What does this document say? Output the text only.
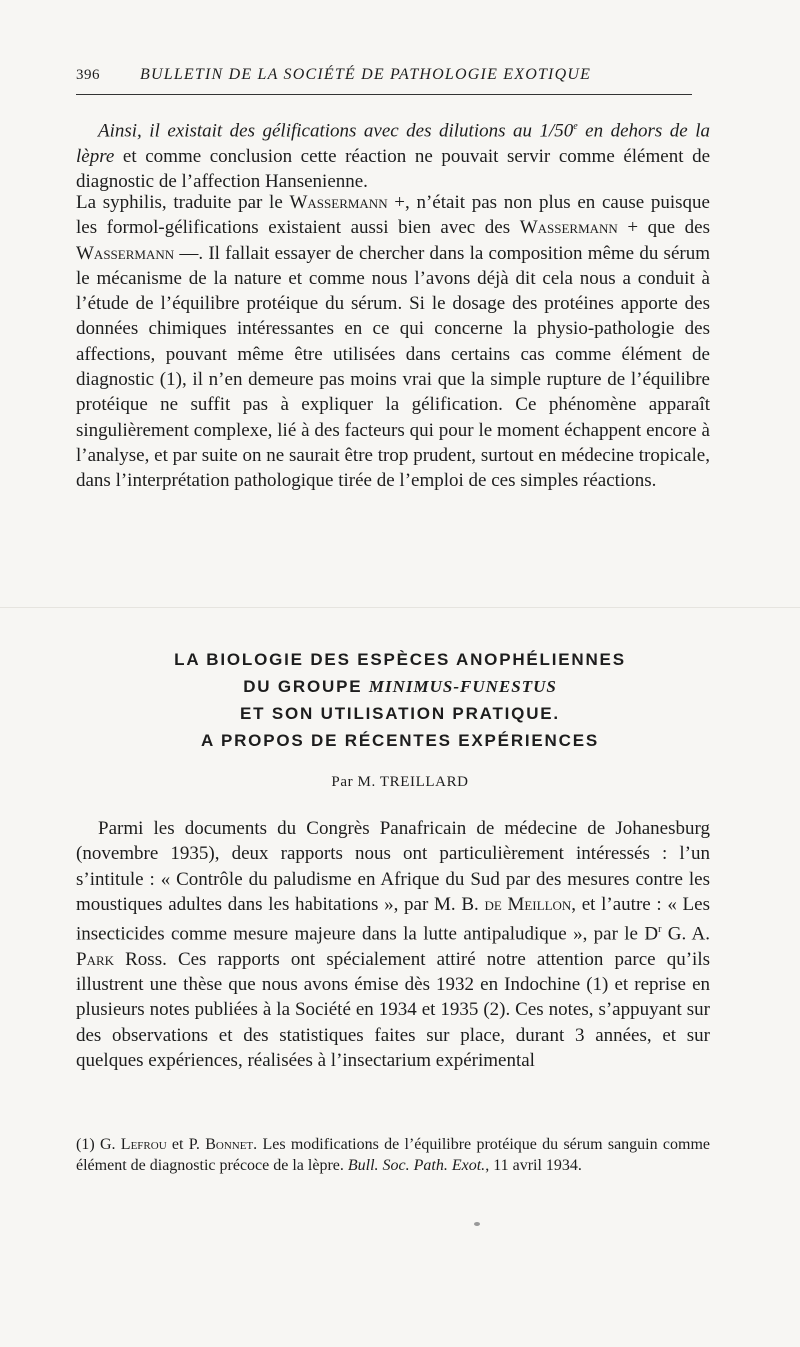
396	BULLETIN DE LA SOCIÉTÉ DE PATHOLOGIE EXOTIQUE

Ainsi, il existait des gélifications avec des dilutions au 1/50e en dehors de la lèpre et comme conclusion cette réaction ne pouvait servir comme élément de diagnostic de l’affection Hansenienne.

La syphilis, traduite par le Wassermann +, n’était pas non plus en cause puisque les formol-gélifications existaient aussi bien avec des Wassermann + que des Wassermann —. Il fallait essayer de chercher dans la composition même du sérum le mécanisme de la nature et comme nous l’avons déjà dit cela nous a conduit à l’étude de l’équilibre protéique du sérum. Si le dosage des protéines apporte des données chimiques intéressantes en ce qui concerne la physio-pathologie des affections, pouvant même être utilisées dans certains cas comme élément de diagnostic (1), il n’en demeure pas moins vrai que la simple rupture de l’équilibre protéique ne suffit pas à expliquer la gélification. Ce phénomène apparaît singulièrement complexe, lié à des facteurs qui pour le moment échappent encore à l’analyse, et par suite on ne saurait être trop prudent, surtout en médecine tropicale, dans l’interprétation pathologique tirée de l’emploi de ces simples réactions.

LA BIOLOGIE DES ESPÈCES ANOPHÉLIENNES
DU GROUPE MINIMUS-FUNESTUS
ET SON UTILISATION PRATIQUE.
A PROPOS DE RÉCENTES EXPÉRIENCES
Par M. TREILLARD

Parmi les documents du Congrès Panafricain de médecine de Johanesburg (novembre 1935), deux rapports nous ont particulièrement intéressés : l’un s’intitule : « Contrôle du paludisme en Afrique du Sud par des mesures contre les moustiques adultes dans les habitations », par M. B. de Meillon, et l’autre : « Les insecticides comme mesure majeure dans la lutte antipaludique », par le $D^r$ G. A. Park Ross. Ces rapports ont spécialement attiré notre attention parce qu’ils illustrent une thèse que nous avons émise dès 1932 en Indochine (1) et reprise en plusieurs notes publiées à la Société en 1934 et 1935 (2). Ces notes, s’appuyant sur des observations et des statistiques faites sur place, durant 3 années, et sur quelques expériences, réalisées à l’insectarium expérimental

(1) G. Lefrou et P. Bonnet. Les modifications de l’équilibre protéique du sérum sanguin comme élément de diagnostic précoce de la lèpre. Bull. Soc. Path. Exot., 11 avril 1934.
